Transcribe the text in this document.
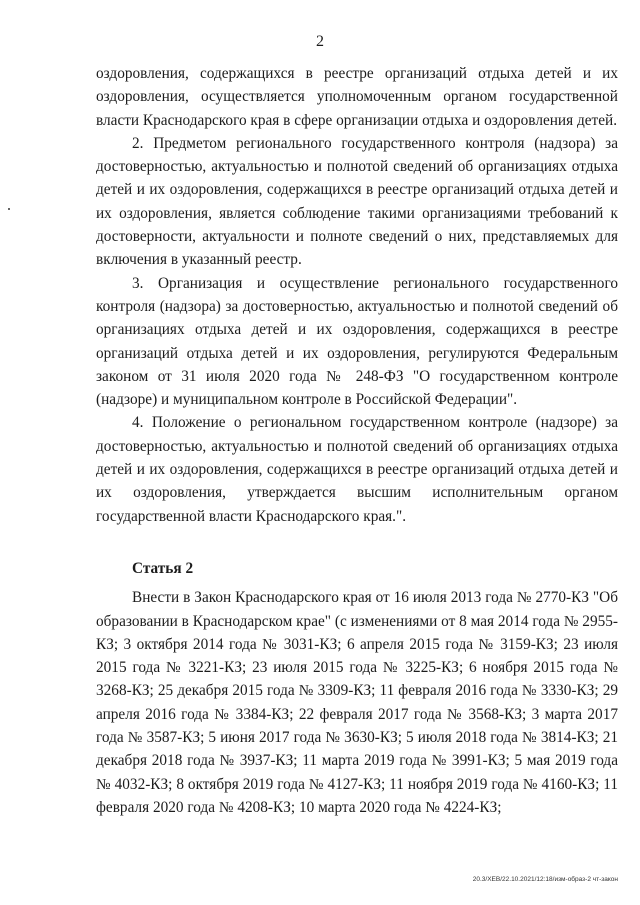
2

оздоровления, содержащихся в реестре организаций отдыха детей и их оздоровления, осуществляется уполномоченным органом государственной власти Краснодарского края в сфере организации отдыха и оздоровления детей.

2. Предметом регионального государственного контроля (надзора) за достоверностью, актуальностью и полнотой сведений об организациях отдыха детей и их оздоровления, содержащихся в реестре организаций отдыха детей и их оздоровления, является соблюдение такими организациями требований к достоверности, актуальности и полноте сведений о них, представляемых для включения в указанный реестр.

3. Организация и осуществление регионального государственного контроля (надзора) за достоверностью, актуальностью и полнотой сведений об организациях отдыха детей и их оздоровления, содержащихся в реестре организаций отдыха детей и их оздоровления, регулируются Федеральным законом от 31 июля 2020 года № 248-ФЗ "О государственном контроле (надзоре) и муниципальном контроле в Российской Федерации".

4. Положение о региональном государственном контроле (надзоре) за достоверностью, актуальностью и полнотой сведений об организациях отдыха детей и их оздоровления, содержащихся в реестре организаций отдыха детей и их оздоровления, утверждается высшим исполнительным органом государственной власти Краснодарского края.".

Статья 2

Внести в Закон Краснодарского края от 16 июля 2013 года № 2770-КЗ "Об образовании в Краснодарском крае" (с изменениями от 8 мая 2014 года № 2955-КЗ; 3 октября 2014 года № 3031-КЗ; 6 апреля 2015 года № 3159-КЗ; 23 июля 2015 года № 3221-КЗ; 23 июля 2015 года № 3225-КЗ; 6 ноября 2015 года № 3268-КЗ; 25 декабря 2015 года № 3309-КЗ; 11 февраля 2016 года № 3330-КЗ; 29 апреля 2016 года № 3384-КЗ; 22 февраля 2017 года № 3568-КЗ; 3 марта 2017 года № 3587-КЗ; 5 июня 2017 года № 3630-КЗ; 5 июля 2018 года № 3814-КЗ; 21 декабря 2018 года № 3937-КЗ; 11 марта 2019 года № 3991-КЗ; 5 мая 2019 года № 4032-КЗ; 8 октября 2019 года № 4127-КЗ; 11 ноября 2019 года № 4160-КЗ; 11 февраля 2020 года № 4208-КЗ; 10 марта 2020 года № 4224-КЗ;

20.3/ХЕВ/22.10.2021/12:18/изм-образ-2 чт-закон
